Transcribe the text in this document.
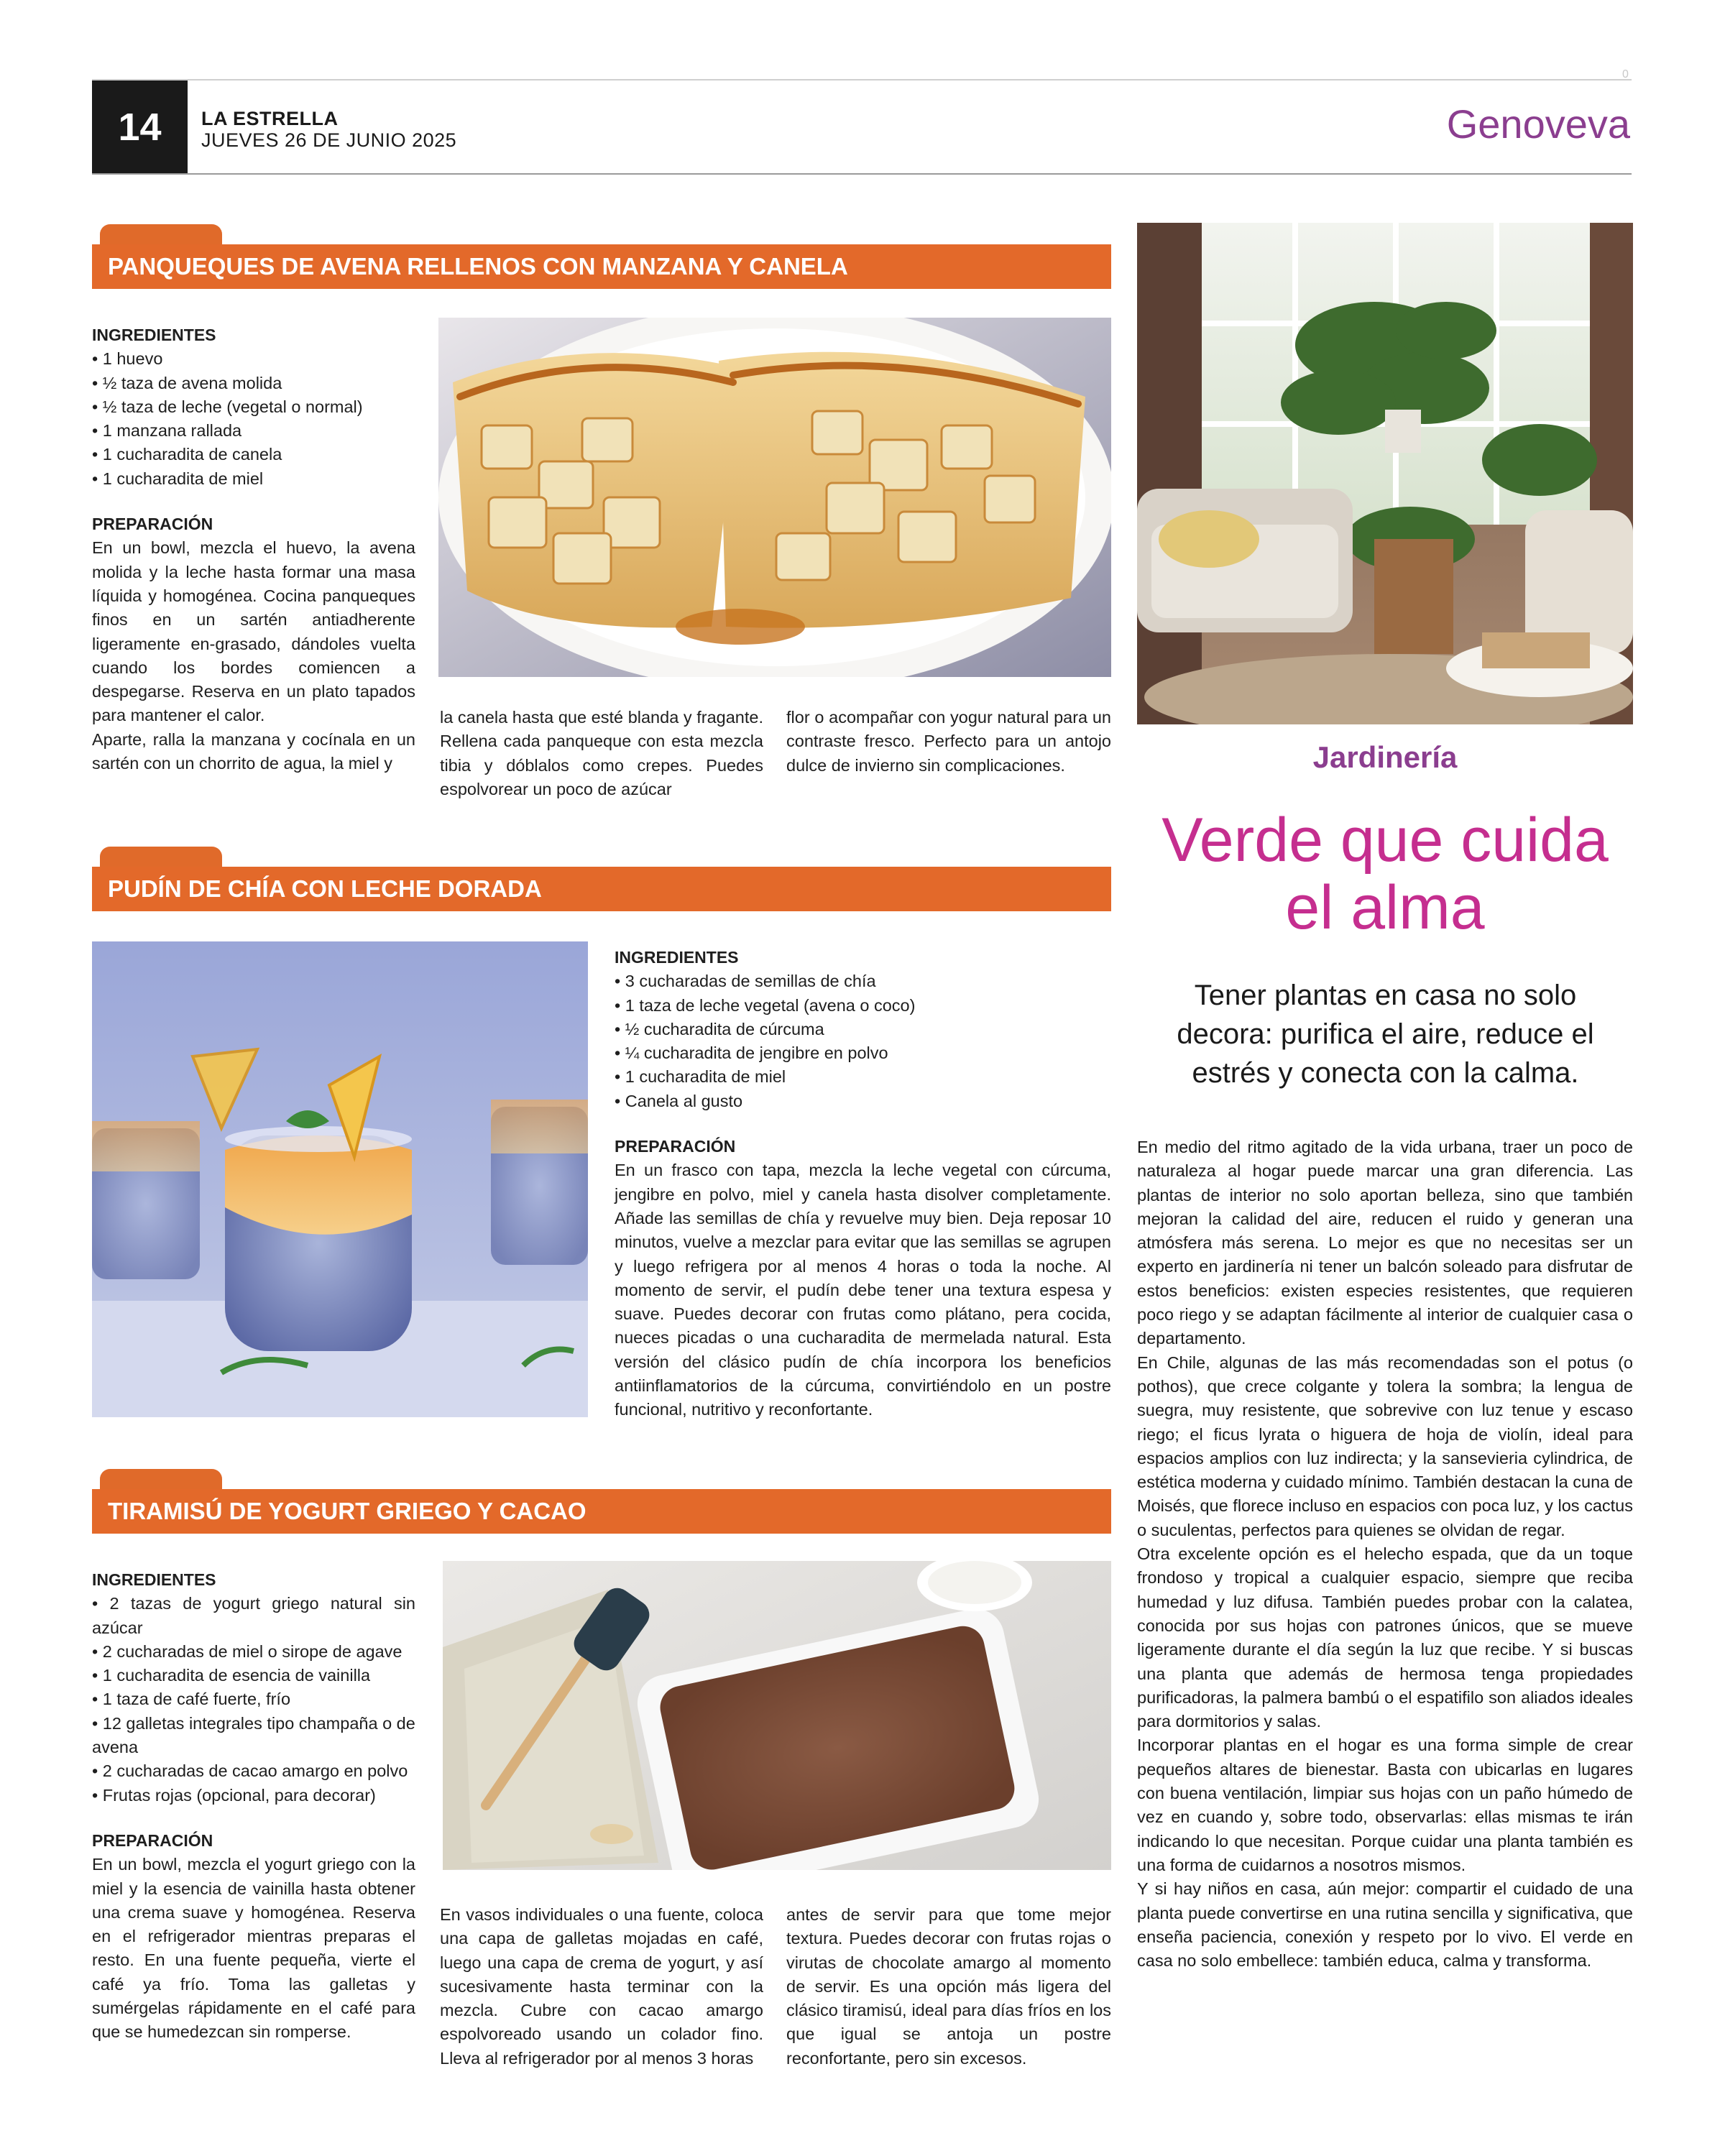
14	LA ESTRELLA
JUEVES 26 DE JUNIO 2025	Genoveva
0
PANQUEQUES DE AVENA RELLENOS CON MANZANA Y CANELA
INGREDIENTES
• 1 huevo
• ½ taza de avena molida
• ½ taza de leche (vegetal o normal)
• 1 manzana rallada
• 1 cucharadita de canela
• 1 cucharadita de miel
PREPARACIÓN

En un bowl, mezcla el huevo, la avena molida y la leche hasta formar una masa líquida y homogénea. Cocina panqueques finos en un sartén antiadherente ligeramente en-grasado, dándoles vuelta cuando los bordes comiencen a despegarse. Reserva en un plato tapados para mantener el calor.

Aparte, ralla la manzana y cocínala en un sartén con un chorrito de agua, la miel y

la canela hasta que esté blanda y fragante. Rellena cada panqueque con esta mezcla tibia y dóblalos como crepes. Puedes espolvorear un poco de azúcar

flor o acompañar con yogur natural para un contraste fresco. Perfecto para un antojo dulce de invierno sin complicaciones.

PUDÍN DE CHÍA CON LECHE DORADA
INGREDIENTES
• 3 cucharadas de semillas de chía
• 1 taza de leche vegetal (avena o coco)
• ½ cucharadita de cúrcuma
• ¼ cucharadita de jengibre en polvo
• 1 cucharadita de miel
• Canela al gusto
PREPARACIÓN

En un frasco con tapa, mezcla la leche vegetal con cúrcuma, jengibre en polvo, miel y canela hasta disolver completamente. Añade las semillas de chía y revuelve muy bien. Deja reposar 10 minutos, vuelve a mezclar para evitar que las semillas se agrupen y luego refrigera por al menos 4 horas o toda la noche. Al momento de servir, el pudín debe tener una textura espesa y suave. Puedes decorar con frutas como plátano, pera cocida, nueces picadas o una cucharadita de mermelada natural. Esta versión del clásico pudín de chía incorpora los beneficios antiinflamatorios de la cúrcuma, convirtiéndolo en un postre funcional, nutritivo y reconfortante.

TIRAMISÚ DE YOGURT GRIEGO Y CACAO
INGREDIENTES
• 2 tazas de yogurt griego natural sin azúcar
• 2 cucharadas de miel o sirope de agave
• 1 cucharadita de esencia de vainilla
• 1 taza de café fuerte, frío
• 12 galletas integrales tipo champaña o de avena
• 2 cucharadas de cacao amargo en polvo
• Frutas rojas (opcional, para decorar)
PREPARACIÓN

En un bowl, mezcla el yogurt griego con la miel y la esencia de vainilla hasta obtener una crema suave y homogénea. Reserva en el refrigerador mientras preparas el resto. En una fuente pequeña, vierte el café ya frío. Toma las galletas y sumérgelas rápidamente en el café para que se humedezcan sin romperse.

En vasos individuales o una fuente, coloca una capa de galletas mojadas en café, luego una capa de crema de yogurt, y así sucesivamente hasta terminar con la mezcla. Cubre con cacao amargo espolvoreado usando un colador fino. Lleva al refrigerador por al menos 3 horas

antes de servir para que tome mejor textura. Puedes decorar con frutas rojas o virutas de chocolate amargo al momento de servir. Es una opción más ligera del clásico tiramisú, ideal para días fríos en los que igual se antoja un postre reconfortante, pero sin excesos.

Jardinería
Verde que cuida
el alma
Tener plantas en casa no solo decora: purifica el aire, reduce el estrés y conecta con la calma.

En medio del ritmo agitado de la vida urbana, traer un poco de naturaleza al hogar puede marcar una gran diferencia. Las plantas de interior no solo aportan belleza, sino que también mejoran la calidad del aire, reducen el ruido y generan una atmósfera más serena. Lo mejor es que no necesitas ser un experto en jardinería ni tener un balcón soleado para disfrutar de estos beneficios: existen especies resistentes, que requieren poco riego y se adaptan fácilmente al interior de cualquier casa o departamento.

En Chile, algunas de las más recomendadas son el potus (o pothos), que crece colgante y tolera la sombra; la lengua de suegra, muy resistente, que sobrevive con luz tenue y escaso riego; el ficus lyrata o higuera de hoja de violín, ideal para espacios amplios con luz indirecta; y la sansevieria cylindrica, de estética moderna y cuidado mínimo. También destacan la cuna de Moisés, que florece incluso en espacios con poca luz, y los cactus o suculentas, perfectos para quienes se olvidan de regar.

Otra excelente opción es el helecho espada, que da un toque frondoso y tropical a cualquier espacio, siempre que reciba humedad y luz difusa. También puedes probar con la calatea, conocida por sus hojas con patrones únicos, que se mueve ligeramente durante el día según la luz que recibe. Y si buscas una planta que además de hermosa tenga propiedades purificadoras, la palmera bambú o el espatifilo son aliados ideales para dormitorios y salas.

Incorporar plantas en el hogar es una forma simple de crear pequeños altares de bienestar. Basta con ubicarlas en lugares con buena ventilación, limpiar sus hojas con un paño húmedo de vez en cuando y, sobre todo, observarlas: ellas mismas te irán indicando lo que necesitan. Porque cuidar una planta también es una forma de cuidarnos a nosotros mismos.

Y si hay niños en casa, aún mejor: compartir el cuidado de una planta puede convertirse en una rutina sencilla y significativa, que enseña paciencia, conexión y respeto por lo vivo. El verde en casa no solo embellece: también educa, calma y transforma.
